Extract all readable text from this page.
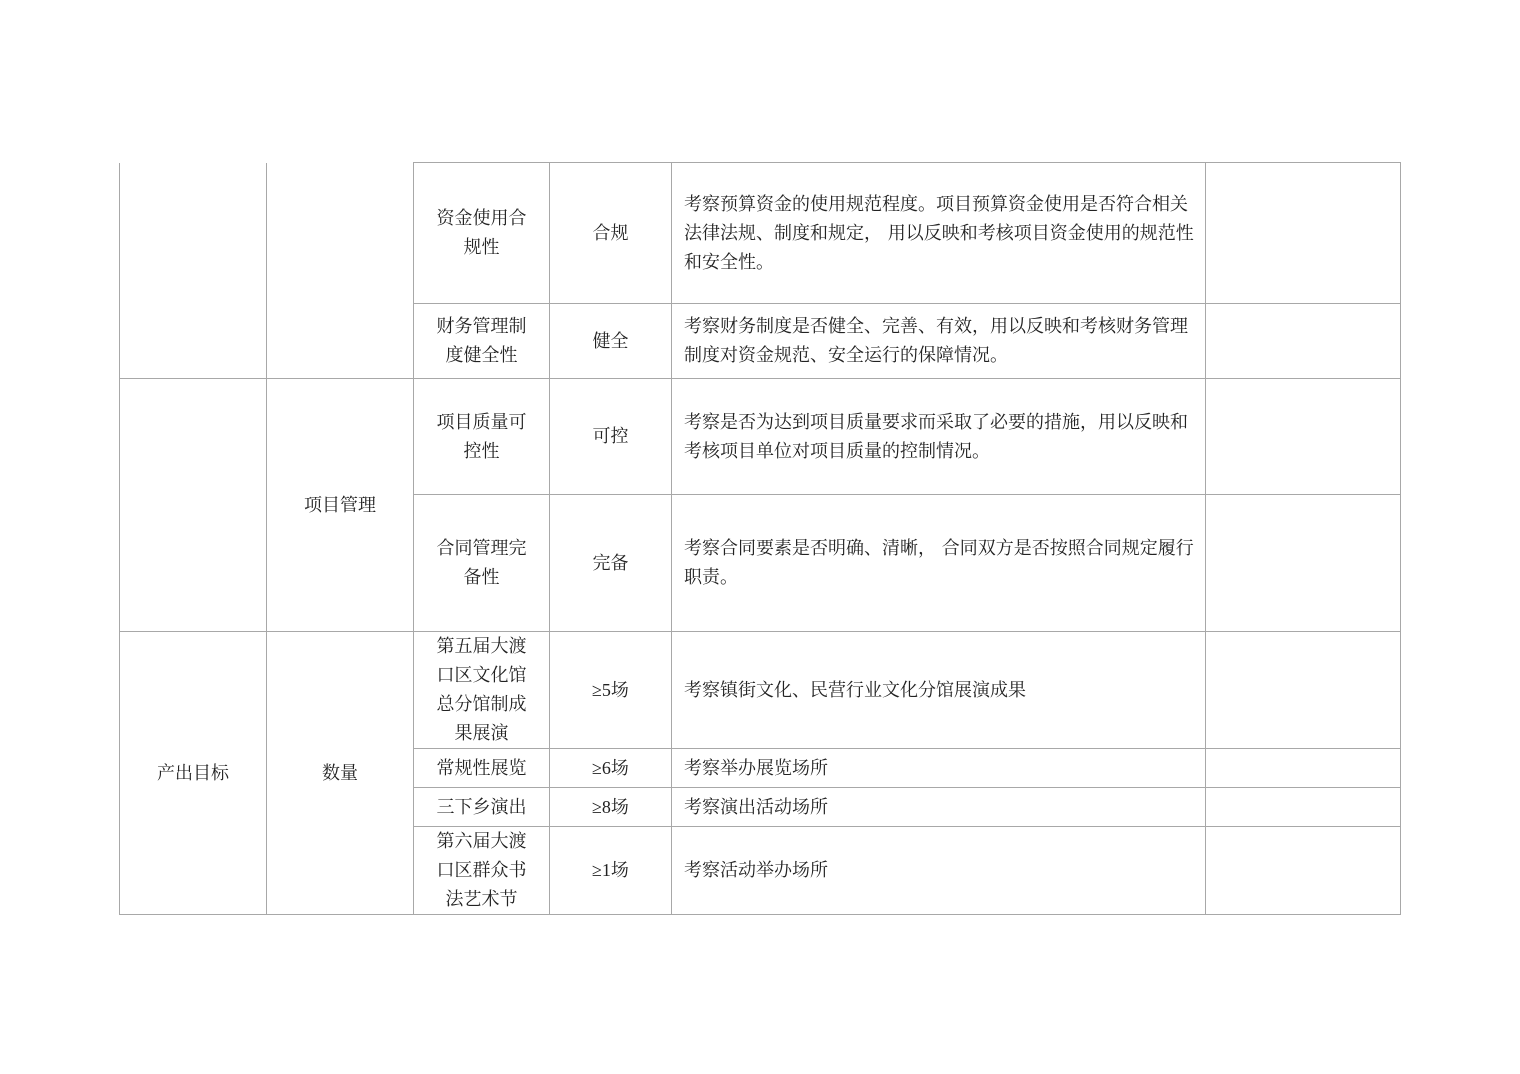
		资金使用合规性	合规	考察预算资金的使用规范程度。项目预算资金使用是否符合相关法律法规、制度和规定， 用以反映和考核项目资金使用的规范性和安全性。	
		财务管理制度健全性	健全	考察财务制度是否健全、完善、有效，用以反映和考核财务管理制度对资金规范、安全运行的保障情况。	
	项目管理	项目质量可控性	可控	考察是否为达到项目质量要求而采取了必要的措施，用以反映和考核项目单位对项目质量的控制情况。	
		合同管理完备性	完备	考察合同要素是否明确、清晰， 合同双方是否按照合同规定履行职责。	
产出目标	数量	第五届大渡口区文化馆总分馆制成果展演	≥5场	考察镇街文化、民营行业文化分馆展演成果	
		常规性展览	≥6场	考察举办展览场所	
		三下乡演出	≥8场	考察演出活动场所	
		第六届大渡口区群众书法艺术节	≥1场	考察活动举办场所	
